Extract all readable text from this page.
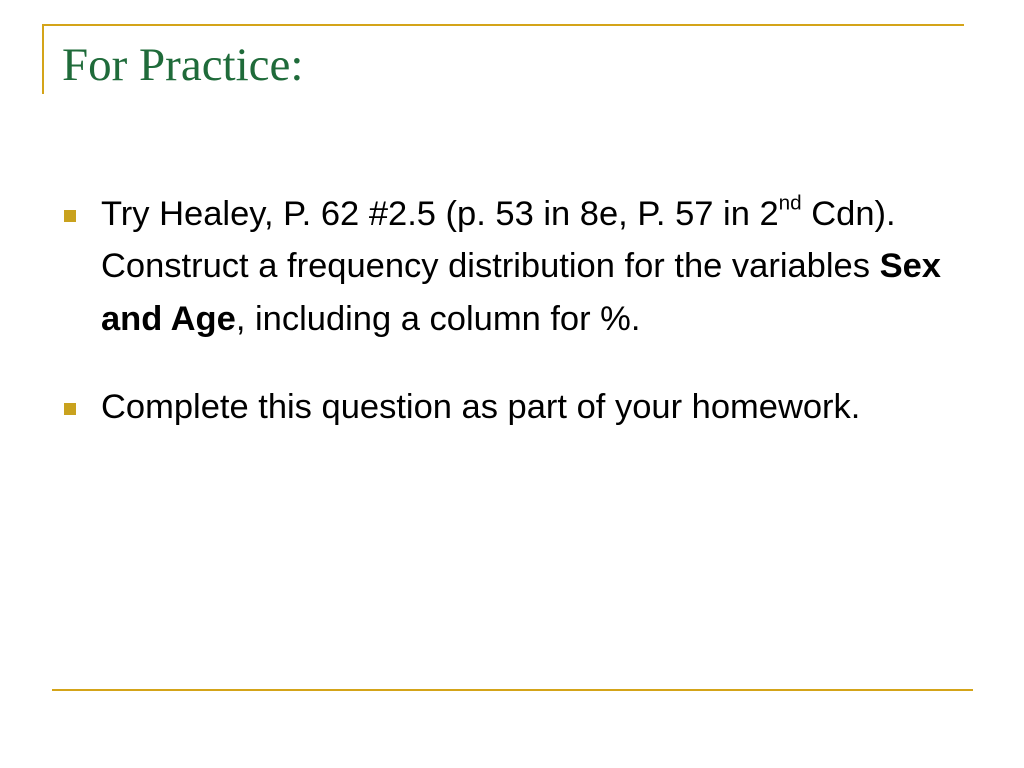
For Practice:
Try Healey, P. 62 #2.5 (p. 53 in 8e, P. 57 in 2nd Cdn). Construct a frequency distribution for the variables Sex and Age, including a column for %.
Complete this question as part of your homework.
